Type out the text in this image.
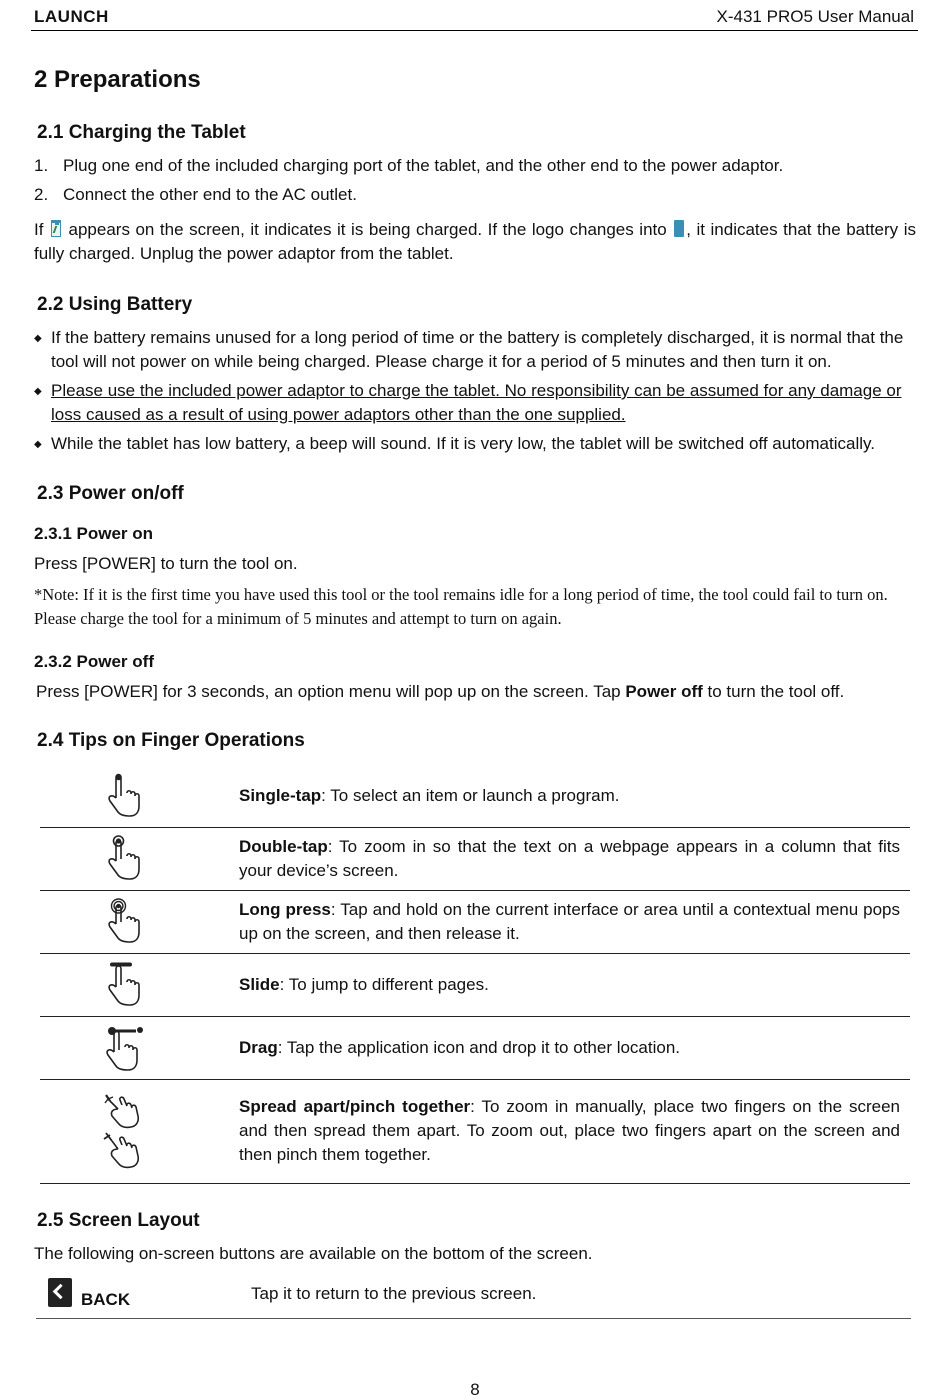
LAUNCH	X-431 PRO5 User Manual
2 Preparations
2.1 Charging the Tablet
1. Plug one end of the included charging port of the tablet, and the other end to the power adaptor.
2. Connect the other end to the AC outlet.
If  appears on the screen, it indicates it is being charged. If the logo changes into , it indicates that the battery is fully charged. Unplug the power adaptor from the tablet.
2.2 Using Battery
◆ If the battery remains unused for a long period of time or the battery is completely discharged, it is normal that the tool will not power on while being charged. Please charge it for a period of 5 minutes and then turn it on.
◆ Please use the included power adaptor to charge the tablet. No responsibility can be assumed for any damage or loss caused as a result of using power adaptors other than the one supplied.
◆ While the tablet has low battery, a beep will sound. If it is very low, the tablet will be switched off automatically.
2.3 Power on/off
2.3.1 Power on
Press [POWER] to turn the tool on.
*Note: If it is the first time you have used this tool or the tool remains idle for a long period of time, the tool could fail to turn on. Please charge the tool for a minimum of 5 minutes and attempt to turn on again.
2.3.2 Power off
Press [POWER] for 3 seconds, an option menu will pop up on the screen. Tap Power off to turn the tool off.
2.4 Tips on Finger Operations
	Single-tap: To select an item or launch a program.

	Double-tap: To zoom in so that the text on a webpage appears in a column that fits your device’s screen.

	Long press: Tap and hold on the current interface or area until a contextual menu pops up on the screen, and then release it.

	Slide: To jump to different pages.

	Drag: Tap the application icon and drop it to other location.

	Spread apart/pinch together: To zoom in manually, place two fingers on the screen and then spread them apart. To zoom out, place two fingers apart on the screen and then pinch them together.
2.5 Screen Layout
The following on-screen buttons are available on the bottom of the screen.
BACK	Tap it to return to the previous screen.
8
